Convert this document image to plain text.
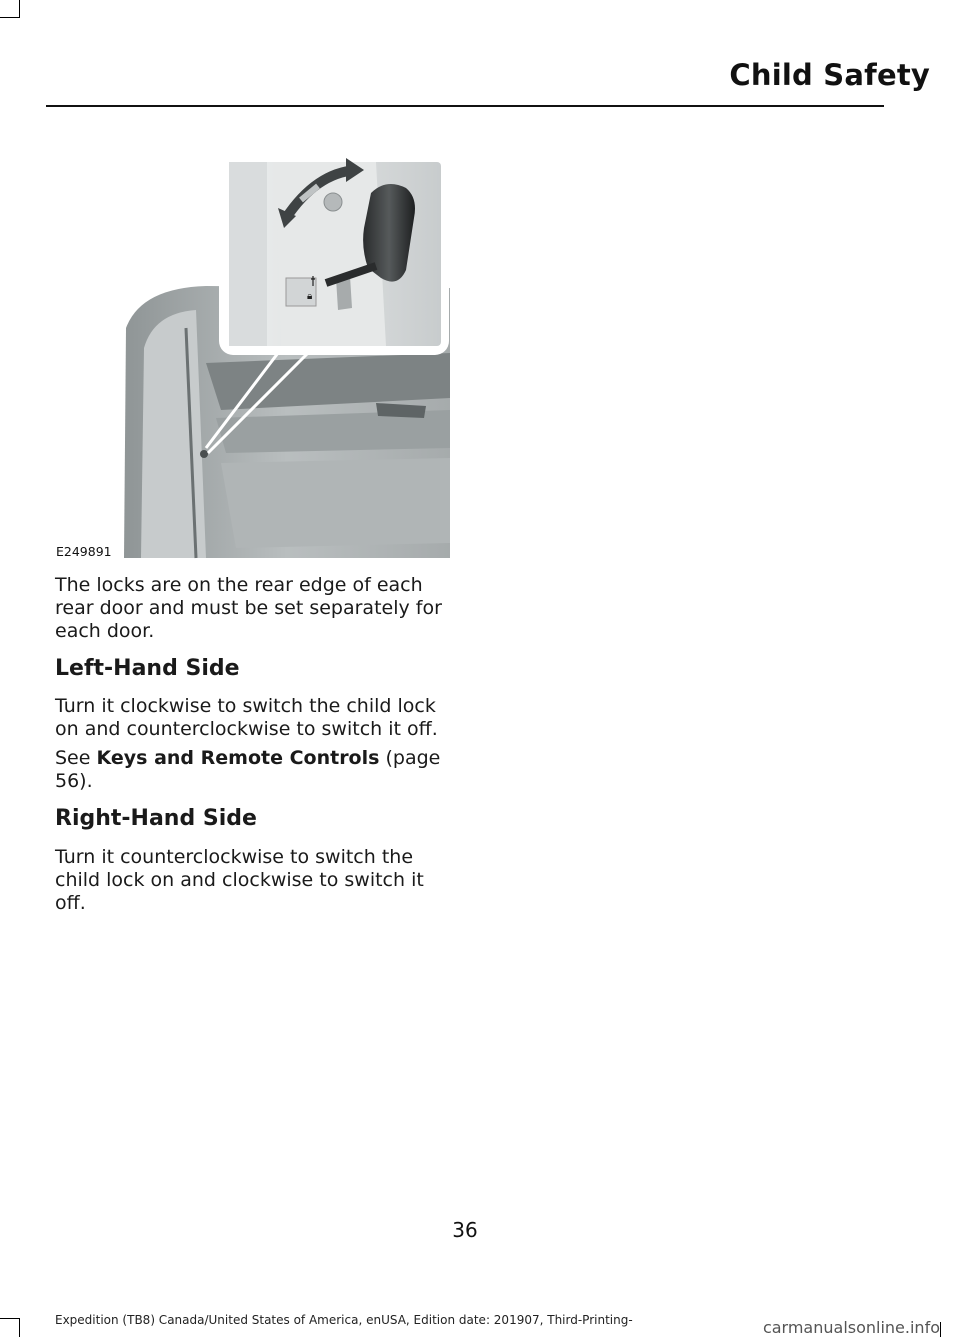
Child Safety
🔒︎
E249891
The locks are on the rear edge of each rear door and must be set separately for each door.
Left-Hand Side
Turn it clockwise to switch the child lock on and counterclockwise to switch it off.
See Keys and Remote Controls (page 56).
Right-Hand Side
Turn it counterclockwise to switch the child lock on and clockwise to switch it off.
36
Expedition (TB8) Canada/United States of America, enUSA, Edition date: 201907, Third-Printing-	carmanualsonline.info
